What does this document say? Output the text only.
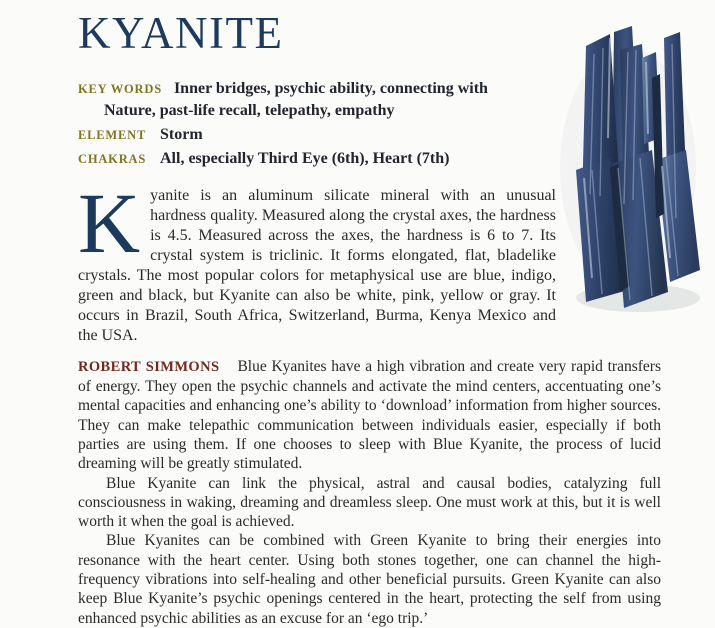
KYANITE

KEY WORDS Inner bridges, psychic ability, connecting with Nature, past-life recall, telepathy, empathy

ELEMENT Storm

CHAKRAS All, especially Third Eye (6th), Heart (7th)

Kyanite is an aluminum silicate mineral with an unusual hardness quality. Measured along the crystal axes, the hardness is 4.5. Measured across the axes, the hardness is 6 to 7. Its crystal system is triclinic. It forms elongated, flat, bladelike crystals. The most popular colors for metaphysical use are blue, indigo, green and black, but Kyanite can also be white, pink, yellow or gray. It occurs in Brazil, South Africa, Switzerland, Burma, Kenya Mexico and the USA.

ROBERT SIMMONS Blue Kyanites have a high vibration and create very rapid transfers of energy. They open the psychic channels and activate the mind centers, accentuating one’s mental capacities and enhancing one’s ability to ‘download’ information from higher sources. They can make telepathic communication between individuals easier, especially if both parties are using them. If one chooses to sleep with Blue Kyanite, the process of lucid dreaming will be greatly stimulated.

Blue Kyanite can link the physical, astral and causal bodies, catalyzing full consciousness in waking, dreaming and dreamless sleep. One must work at this, but it is well worth it when the goal is achieved.

Blue Kyanites can be combined with Green Kyanite to bring their energies into resonance with the heart center. Using both stones together, one can channel the high-frequency vibrations into self-healing and other beneficial pursuits. Green Kyanite can also keep Blue Kyanite’s psychic openings centered in the heart, protecting the self from using enhanced psychic abilities as an excuse for an ‘ego trip.’
